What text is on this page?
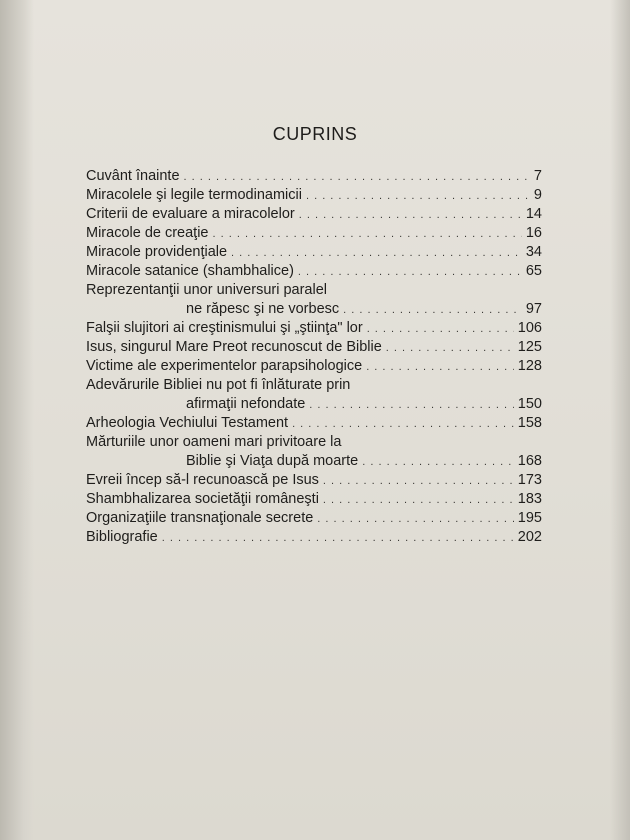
CUPRINS
Cuvânt înainte . . .	7
Miracolele şi legile termodinamicii . . .	9
Criterii de evaluare a miracolelor . . .	14
Miracole de creaţie . . .	16
Miracole providenţiale . . .	34
Miracole satanice (shambhalice) . . .	65
Reprezentanţii unor universuri paralel
ne răpesc şi ne vorbesc . . .	97
Falşii slujitori ai creştinismului şi „ştiinţa" lor . . .	106
Isus, singurul Mare Preot recunoscut de Biblie . . .	125
Victime ale experimentelor parapsihologice . . .	128
Adevărurile Bibliei nu pot fi înlăturate prin
afirmaţii nefondate . . .	150
Arheologia Vechiului Testament . . .	158
Mărturiile unor oameni mari privitoare la
Biblie şi Viaţa după moarte . . .	168
Evreii încep să-l recunoască pe Isus . . .	173
Shambhalizarea societăţii româneşti . . .	183
Organizaţiile transnaţionale secrete . . .	195
Bibliografie . . .	202
